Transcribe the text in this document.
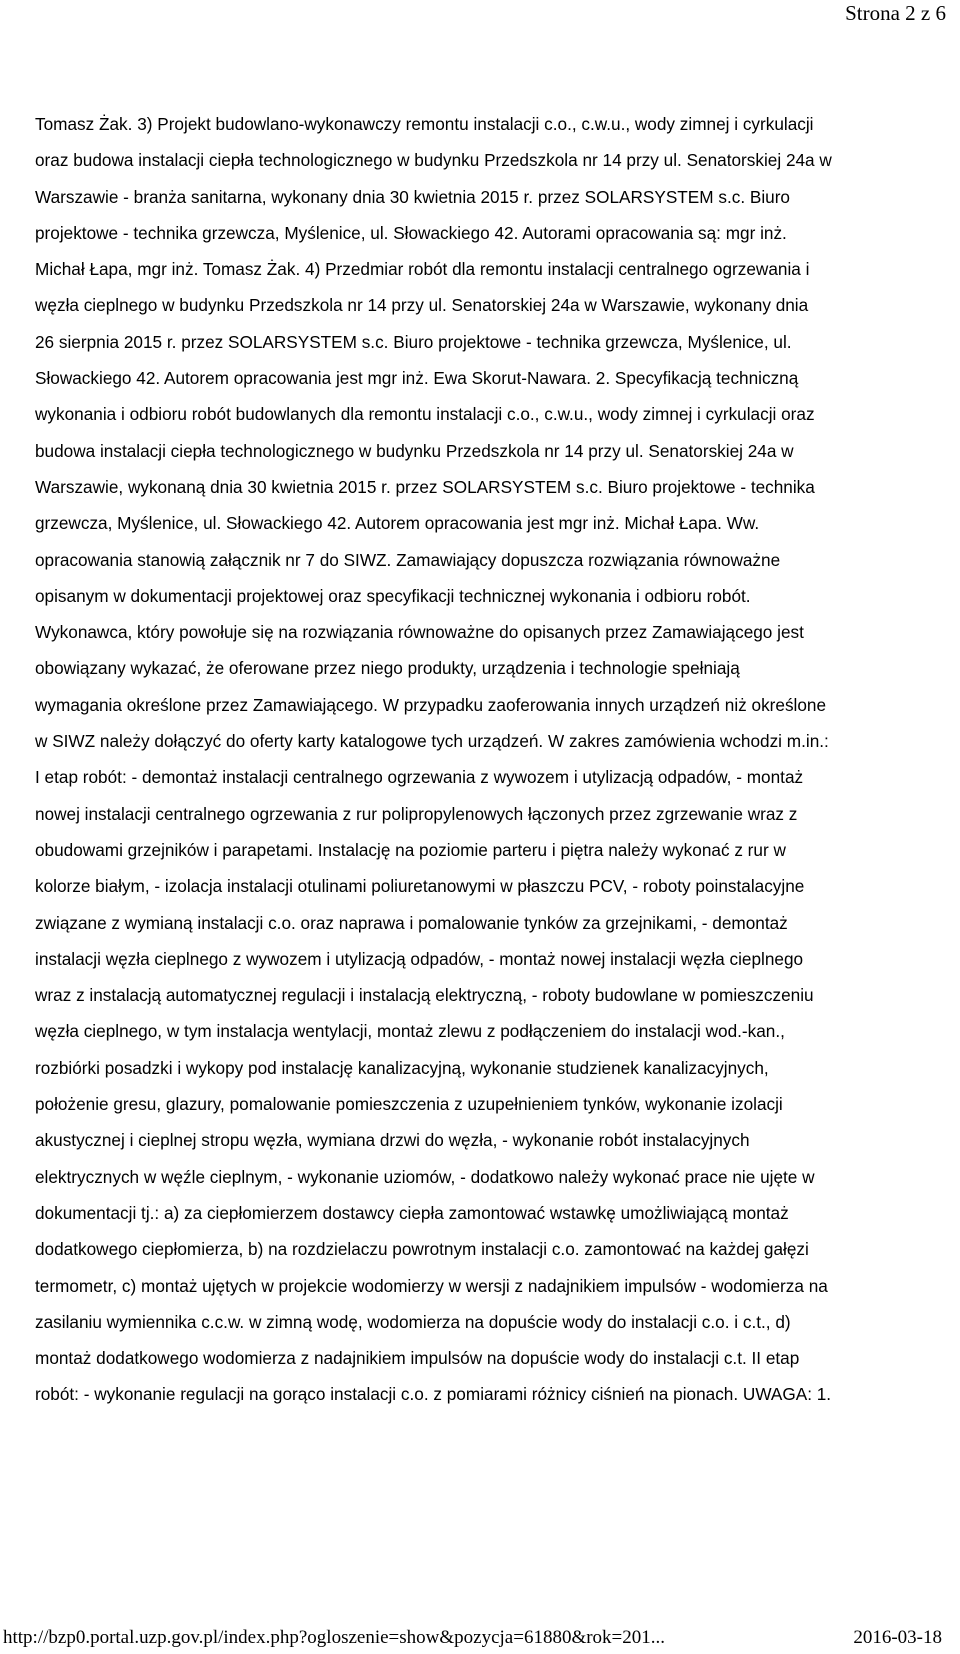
Strona 2 z 6
Tomasz Żak. 3) Projekt budowlano-wykonawczy remontu instalacji c.o., c.w.u., wody zimnej i cyrkulacji
oraz budowa instalacji ciepła technologicznego w budynku Przedszkola nr 14 przy ul. Senatorskiej 24a w
Warszawie - branża sanitarna, wykonany dnia 30 kwietnia 2015 r. przez SOLARSYSTEM s.c. Biuro
projektowe - technika grzewcza, Myślenice, ul. Słowackiego 42. Autorami opracowania są: mgr inż.
Michał Łapa, mgr inż. Tomasz Żak. 4) Przedmiar robót dla remontu instalacji centralnego ogrzewania i
węzła cieplnego w budynku Przedszkola nr 14 przy ul. Senatorskiej 24a w Warszawie, wykonany dnia
26 sierpnia 2015 r. przez SOLARSYSTEM s.c. Biuro projektowe - technika grzewcza, Myślenice, ul.
Słowackiego 42. Autorem opracowania jest mgr inż. Ewa Skorut-Nawara. 2. Specyfikacją techniczną
wykonania i odbioru robót budowlanych dla remontu instalacji c.o., c.w.u., wody zimnej i cyrkulacji oraz
budowa instalacji ciepła technologicznego w budynku Przedszkola nr 14 przy ul. Senatorskiej 24a w
Warszawie, wykonaną dnia 30 kwietnia 2015 r. przez SOLARSYSTEM s.c. Biuro projektowe - technika
grzewcza, Myślenice, ul. Słowackiego 42. Autorem opracowania jest mgr inż. Michał Łapa. Ww.
opracowania stanowią załącznik nr 7 do SIWZ. Zamawiający dopuszcza rozwiązania równoważne
opisanym w dokumentacji projektowej oraz specyfikacji technicznej wykonania i odbioru robót.
Wykonawca, który powołuje się na rozwiązania równoważne do opisanych przez Zamawiającego jest
obowiązany wykazać, że oferowane przez niego produkty, urządzenia i technologie spełniają
wymagania określone przez Zamawiającego. W przypadku zaoferowania innych urządzeń niż określone
w SIWZ należy dołączyć do oferty karty katalogowe tych urządzeń. W zakres zamówienia wchodzi m.in.:
I etap robót: - demontaż instalacji centralnego ogrzewania z wywozem i utylizacją odpadów, - montaż
nowej instalacji centralnego ogrzewania z rur polipropylenowych łączonych przez zgrzewanie wraz z
obudowami grzejników i parapetami. Instalację na poziomie parteru i piętra należy wykonać z rur w
kolorze białym, - izolacja instalacji otulinami poliuretanowymi w płaszczu PCV, - roboty poinstalacyjne
związane z wymianą instalacji c.o. oraz naprawa i pomalowanie tynków za grzejnikami, - demontaż
instalacji węzła cieplnego z wywozem i utylizacją odpadów, - montaż nowej instalacji węzła cieplnego
wraz z instalacją automatycznej regulacji i instalacją elektryczną, - roboty budowlane w pomieszczeniu
węzła cieplnego, w tym instalacja wentylacji, montaż zlewu z podłączeniem do instalacji wod.-kan.,
rozbiórki posadzki i wykopy pod instalację kanalizacyjną, wykonanie studzienek kanalizacyjnych,
położenie gresu, glazury, pomalowanie pomieszczenia z uzupełnieniem tynków, wykonanie izolacji
akustycznej i cieplnej stropu węzła, wymiana drzwi do węzła, - wykonanie robót instalacyjnych
elektrycznych w węźle cieplnym, - wykonanie uziomów, - dodatkowo należy wykonać prace nie ujęte w
dokumentacji tj.: a) za ciepłomierzem dostawcy ciepła zamontować wstawkę umożliwiającą montaż
dodatkowego ciepłomierza, b) na rozdzielaczu powrotnym instalacji c.o. zamontować na każdej gałęzi
termometr, c) montaż ujętych w projekcie wodomierzy w wersji z nadajnikiem impulsów - wodomierza na
zasilaniu wymiennika c.c.w. w zimną wodę, wodomierza na dopuście wody do instalacji c.o. i c.t., d)
montaż dodatkowego wodomierza z nadajnikiem impulsów na dopuście wody do instalacji c.t. II etap
robót: - wykonanie regulacji na gorąco instalacji c.o. z pomiarami różnicy ciśnień na pionach. UWAGA: 1.
http://bzp0.portal.uzp.gov.pl/index.php?ogloszenie=show&pozycja=61880&rok=201...	2016-03-18
